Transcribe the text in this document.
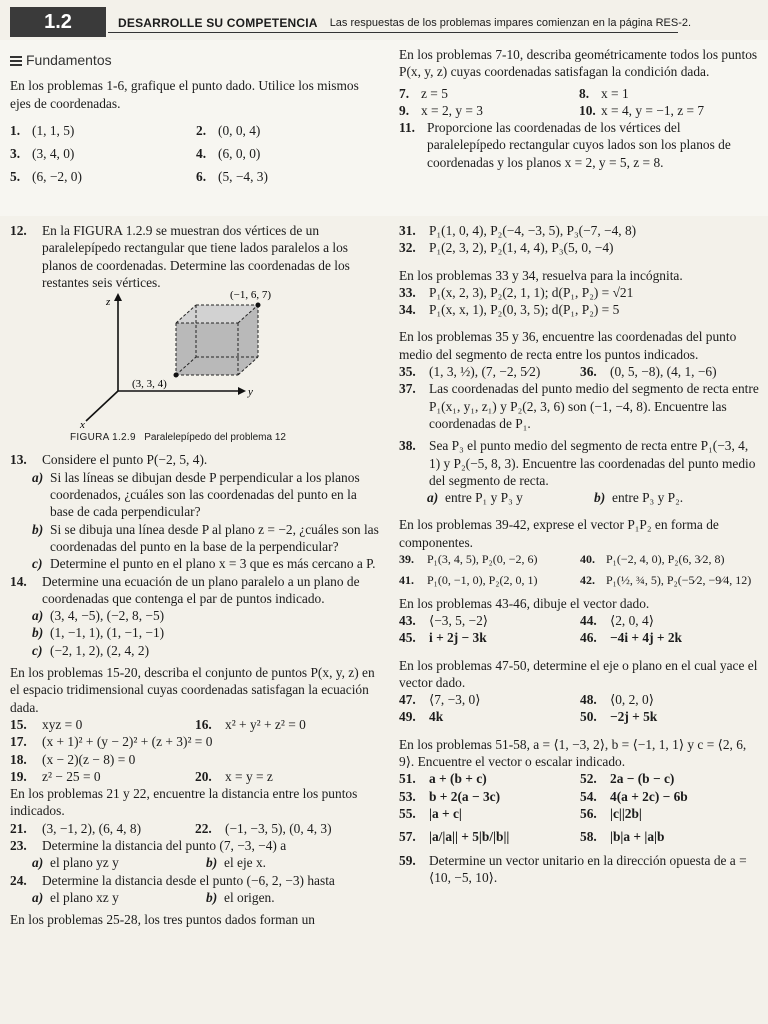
1.2	DESARROLLE SU COMPETENCIA Las respuestas de los problemas impares comienzan en la página RES-2.
Fundamentos

En los problemas 1-6, grafique el punto dado. Utilice los mismos ejes de coordenadas.

1. (1, 1, 5)	2. (0, 0, 4)
3. (3, 4, 0)	4. (6, 0, 0)
5. (6, −2, 0)	6. (5, −4, 3)

En los problemas 7-10, describa geométricamente todos los puntos P(x, y, z) cuyas coordenadas satisfagan la condición dada.

7. z = 5	8. x = 1
9. x = 2, y = 3	10. x = 4, y = −1, z = 7
11. Proporcione las coordenadas de los vértices del paralelepípedo rectangular cuyos lados son los planos de coordenadas y los planos x = 2, y = 5, z = 8.
12.	En la FIGURA 1.2.9 se muestran dos vértices de un paralelepípedo rectangular que tiene lados paralelos a los planos de coordenadas. Determine las coordenadas de los restantes seis vértices.
z
y
x
(−1, 6, 7)
(3, 3, 4)
FIGURA 1.2.9 Paralelepípedo del problema 12
13.	Considere el punto P(−2, 5, 4).
a) Si las líneas se dibujan desde P perpendicular a los planos coordenados, ¿cuáles son las coordenadas del punto en la base de cada perpendicular?
b) Si se dibuja una línea desde P al plano z = −2, ¿cuáles son las coordenadas del punto en la base de la perpendicular?
c) Determine el punto en el plano x = 3 que es más cercano a P.
14.	Determine una ecuación de un plano paralelo a un plano de coordenadas que contenga el par de puntos indicado.
a) (3, 4, −5), (−2, 8, −5)
b) (1, −1, 1), (1, −1, −1)
c) (−2, 1, 2), (2, 4, 2)

En los problemas 15-20, describa el conjunto de puntos P(x, y, z) en el espacio tridimensional cuyas coordenadas satisfagan la ecuación dada.

15.	xyz = 0	16. x² + y² + z² = 0
17.	(x + 1)² + (y − 2)² + (z + 3)² = 0
18.	(x − 2)(z − 8) = 0
19.	z² − 25 = 0	20. x = y = z

En los problemas 21 y 22, encuentre la distancia entre los puntos indicados.

21.	(3, −1, 2), (6, 4, 8)	22. (−1, −3, 5), (0, 4, 3)
23.	Determine la distancia del punto (7, −3, −4) a
a) el plano yz y	b) el eje x.
24.	Determine la distancia desde el punto (−6, 2, −3) hasta
a) el plano xz y	b) el origen.

En los problemas 25-28, los tres puntos dados forman un

31. P₁(1, 0, 4), P₂(−4, −3, 5), P₃(−7, −4, 8)
32. P₁(2, 3, 2), P₂(1, 4, 4), P₃(5, 0, −4)

En los problemas 33 y 34, resuelva para la incógnita.

33. P₁(x, 2, 3), P₂(2, 1, 1); d(P₁, P₂) = √21
34. P₁(x, x, 1), P₂(0, 3, 5); d(P₁, P₂) = 5

En los problemas 35 y 36, encuentre las coordenadas del punto medio del segmento de recta entre los puntos indicados.

35. (1, 3, ½), (7, −2, 5⁄2)	36. (0, 5, −8), (4, 1, −6)
37. Las coordenadas del punto medio del segmento de recta entre P₁(x₁, y₁, z₁) y P₂(2, 3, 6) son (−1, −4, 8). Encuentre las coordenadas de P₁.
38. Sea P₃ el punto medio del segmento de recta entre P₁(−3, 4, 1) y P₂(−5, 8, 3). Encuentre las coordenadas del punto medio del segmento de recta.
a) entre P₁ y P₃ y	b) entre P₃ y P₂.

En los problemas 39-42, exprese el vector P₁P₂ en forma de componentes.

39.	P₁(3, 4, 5), P₂(0, −2, 6)	40. P₁(−2, 4, 0), P₂(6, 3⁄2, 8)
41.	P₁(0, −1, 0), P₂(2, 0, 1)	42. P₁(½, ¾, 5), P₂(−5⁄2, −9⁄4, 12)

En los problemas 43-46, dibuje el vector dado.

43. ⟨−3, 5, −2⟩	44. ⟨2, 0, 4⟩
45. i + 2j − 3k	46. −4i + 4j + 2k

En los problemas 47-50, determine el eje o plano en el cual yace el vector dado.

47. ⟨7, −3, 0⟩	48. ⟨0, 2, 0⟩
49. 4k	50. −2j + 5k

En los problemas 51-58, a = ⟨1, −3, 2⟩, b = ⟨−1, 1, 1⟩ y c = ⟨2, 6, 9⟩. Encuentre el vector o escalar indicado.

51. a + (b + c)	52. 2a − (b − c)
53. b + 2(a − 3c)	54. 4(a + 2c) − 6b
55. |a + c|	56. |c||2b|
57. |a/|a|| + 5|b/|b||	58. |b|a + |a|b
59. Determine un vector unitario en la dirección opuesta de a = ⟨10, −5, 10⟩.
